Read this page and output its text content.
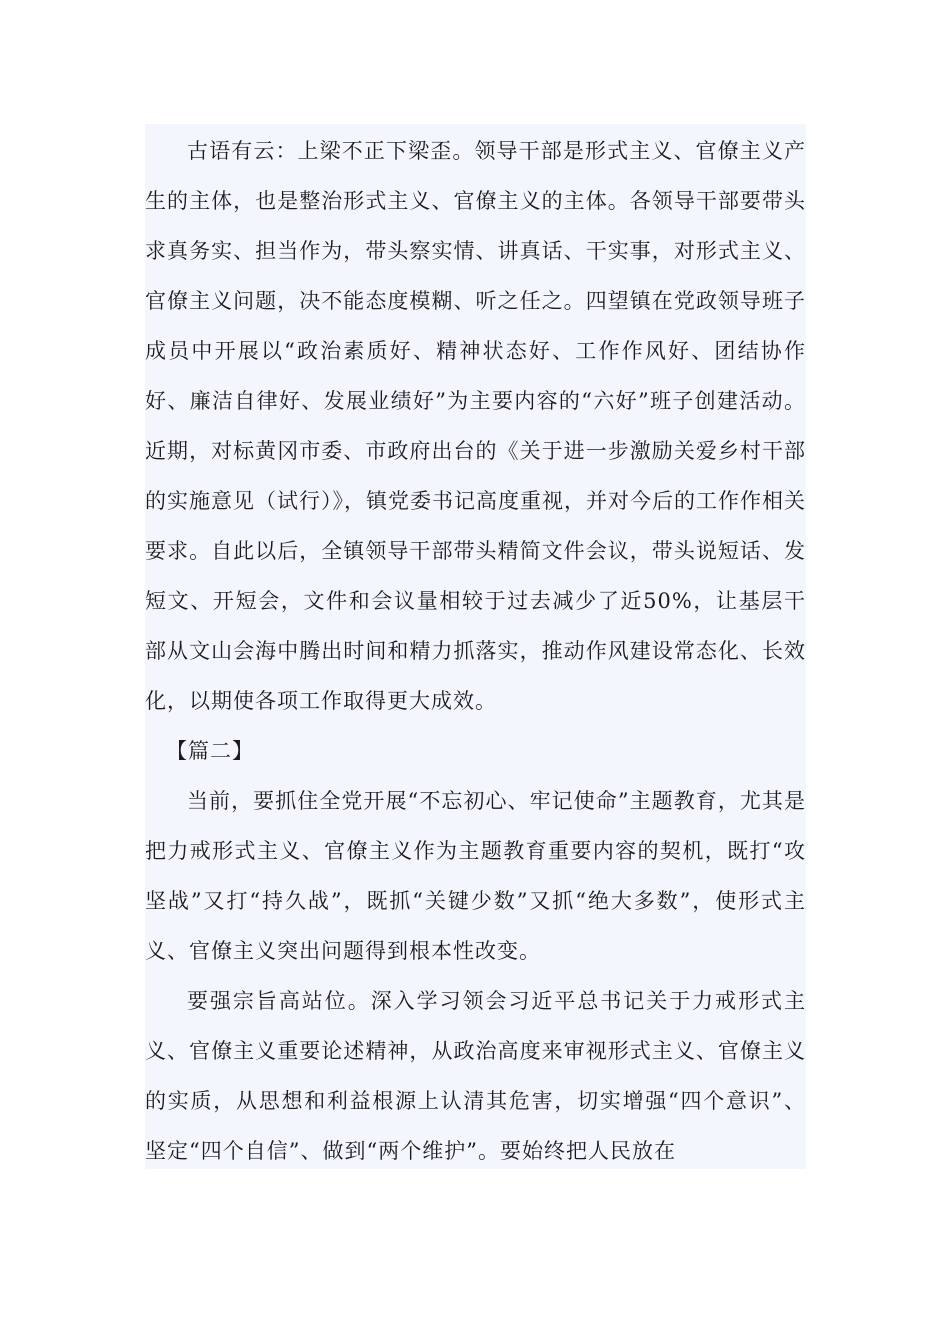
古语有云：上梁不正下梁歪。领导干部是形式主义、官僚主义产生的主体，也是整治形式主义、官僚主义的主体。各领导干部要带头求真务实、担当作为，带头察实情、讲真话、干实事，对形式主义、官僚主义问题，决不能态度模糊、听之任之。四望镇在党政领导班子成员中开展以“政治素质好、精神状态好、工作作风好、团结协作好、廉洁自律好、发展业绩好”为主要内容的“六好”班子创建活动。近期，对标黄冈市委、市政府出台的《关于进一步激励关爱乡村干部的实施意见（试行）》，镇党委书记高度重视，并对今后的工作作相关要求。自此以后，全镇领导干部带头精简文件会议，带头说短话、发短文、开短会，文件和会议量相较于过去减少了近50%，让基层干部从文山会海中腾出时间和精力抓落实，推动作风建设常态化、长效化，以期使各项工作取得更大成效。

【篇二】

当前，要抓住全党开展“不忘初心、牢记使命”主题教育，尤其是把力戒形式主义、官僚主义作为主题教育重要内容的契机，既打“攻坚战”又打“持久战”，既抓“关键少数”又抓“绝大多数”，使形式主义、官僚主义突出问题得到根本性改变。

要强宗旨高站位。深入学习领会习近平总书记关于力戒形式主义、官僚主义重要论述精神，从政治高度来审视形式主义、官僚主义的实质，从思想和利益根源上认清其危害，切实增强“四个意识”、坚定“四个自信”、做到“两个维护”。要始终把人民放在
